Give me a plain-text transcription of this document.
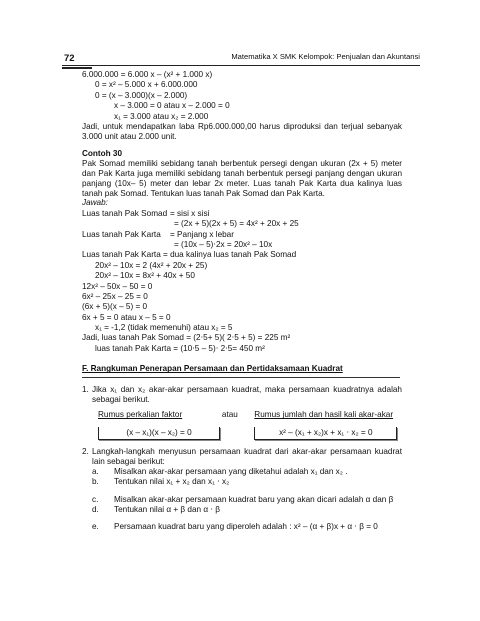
72	Matematika X SMK Kelompok: Penjualan dan Akuntansi
6.000.000 = 6.000 x – (x² + 1.000 x)
0 = x² – 5.000 x + 6.000.000
0 = (x – 3.000)(x – 2.000)
x – 3.000 = 0 atau x – 2.000 = 0
x₁ = 3.000 atau x₂ = 2.000
Jadi, untuk mendapatkan laba Rp6.000.000,00 harus diproduksi dan terjual sebanyak 3.000 unit atau 2.000 unit.
Contoh 30
Pak Somad memiliki sebidang tanah berbentuk persegi dengan ukuran (2x + 5) meter dan Pak Karta juga memiliki sebidang tanah berbentuk persegi panjang dengan ukuran panjang (10x– 5) meter dan lebar 2x meter. Luas tanah Pak Karta dua kalinya luas tanah pak Somad. Tentukan luas tanah Pak Somad dan Pak Karta.
Jawab:
Luas tanah Pak Somad = sisi x sisi
= (2x + 5)(2x + 5) = 4x² + 20x + 25
Luas tanah Pak Karta = Panjang x lebar
= (10x – 5)⋅2x = 20x² – 10x
Luas tanah Pak Karta = dua kalinya luas tanah Pak Somad
20x² – 10x = 2 (4x² + 20x + 25)
20x² – 10x = 8x² + 40x + 50
12x² – 50x – 50 = 0
6x² – 25x – 25 = 0
(6x + 5)(x – 5) = 0
6x + 5 = 0 atau x – 5 = 0
x₁ = -1,2 (tidak memenuhi) atau x₂ = 5
Jadi, luas tanah Pak Somad = (2⋅5+ 5)( 2⋅5 + 5) = 225 m²
luas tanah Pak Karta = (10⋅5 – 5)⋅ 2⋅5= 450 m²
F. Rangkuman Penerapan Persamaan dan Pertidaksamaan Kuadrat
1. Jika x₁ dan x₂ akar-akar persamaan kuadrat, maka persamaan kuadratnya adalah sebagai berikut.
Rumus perkalian faktor
(x – x₁)(x – x₂) = 0
atau	Rumus jumlah dan hasil kali akar-akar
x² – (x₁ + x₂)x + x₁ ⋅ x₂ = 0
2. Langkah-langkah menyusun persamaan kuadrat dari akar-akar persamaan kuadrat lain sebagai berikut:
a. Misalkan akar-akar persamaan yang diketahui adalah x₁ dan x₂ .
b. Tentukan nilai x₁ + x₂ dan x₁ ⋅ x₂
c. Misalkan akar-akar persamaan kuadrat baru yang akan dicari adalah α dan β
d. Tentukan nilai α + β dan α ⋅ β
e. Persamaan kuadrat baru yang diperoleh adalah : x² – (α + β)x + α ⋅ β = 0
